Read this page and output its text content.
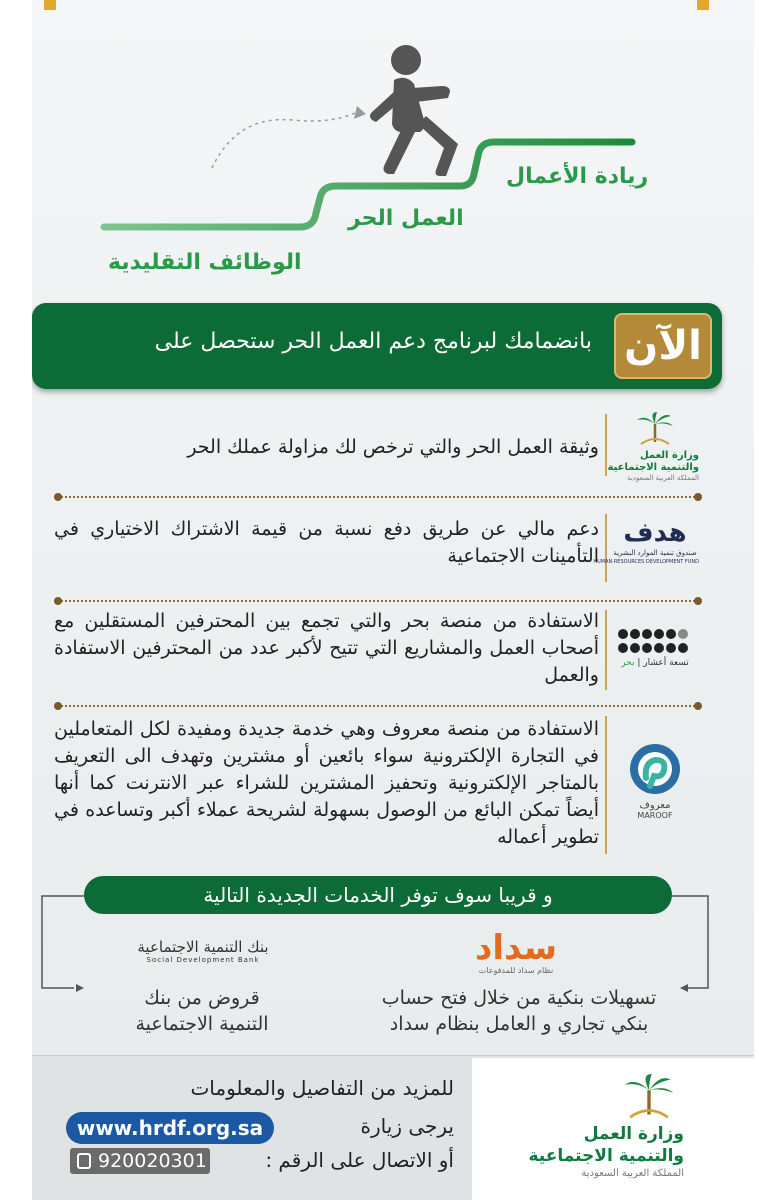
الوظائف التقليدية
العمل الحر
ريادة الأعمال
بانضمامك لبرنامج دعم العمل الحر ستحصل على الآن
وثيقة العمل الحر والتي ترخص لك مزاولة عملك الحر	وزارة العمل
والتنمية الاجتماعية
المملكة العربية السعودية
دعم مالي عن طريق دفع نسبة من قيمة الاشتراك الاختياري في التأمينات الاجتماعية
هدف
صندوق تنمية الموارد البشرية
HUMAN RESOURCES DEVELOPMENT FUND
الاستفادة من منصة بحر والتي تجمع بين المحترفين المستقلين مع أصحاب العمل والمشاريع التي تتيح لأكبر عدد من المحترفين الاستفادة والعمل
تسعة أعشار | بحر
الاستفادة من منصة معروف وهي خدمة جديدة ومفيدة لكل المتعاملين في التجارة الإلكترونية سواء بائعين أو مشترين وتهدف الى التعريف بالمتاجر الإلكترونية وتحفيز المشترين للشراء عبر الانترنت كما أنها أيضاً تمكن البائع من الوصول بسهولة لشريحة عملاء أكبر وتساعده في تطوير أعماله
معروف
MAROOF
و قريبا سوف توفر الخدمات الجديدة التالية
سداد
نظام سداد للمدفوعات
تسهيلات بنكية من خلال فتح حساب
بنكي تجاري و العامل بنظام سداد
بنك التنمية الاجتماعية
Social Development Bank
قروض من بنك
التنمية الاجتماعية
للمزيد من التفاصيل والمعلومات
يرجى زيارة
www.hrdf.org.sa
أو الاتصال على الرقم :
920020301
وزارة العمل
والتنمية الاجتماعية
المملكة العربية السعودية
